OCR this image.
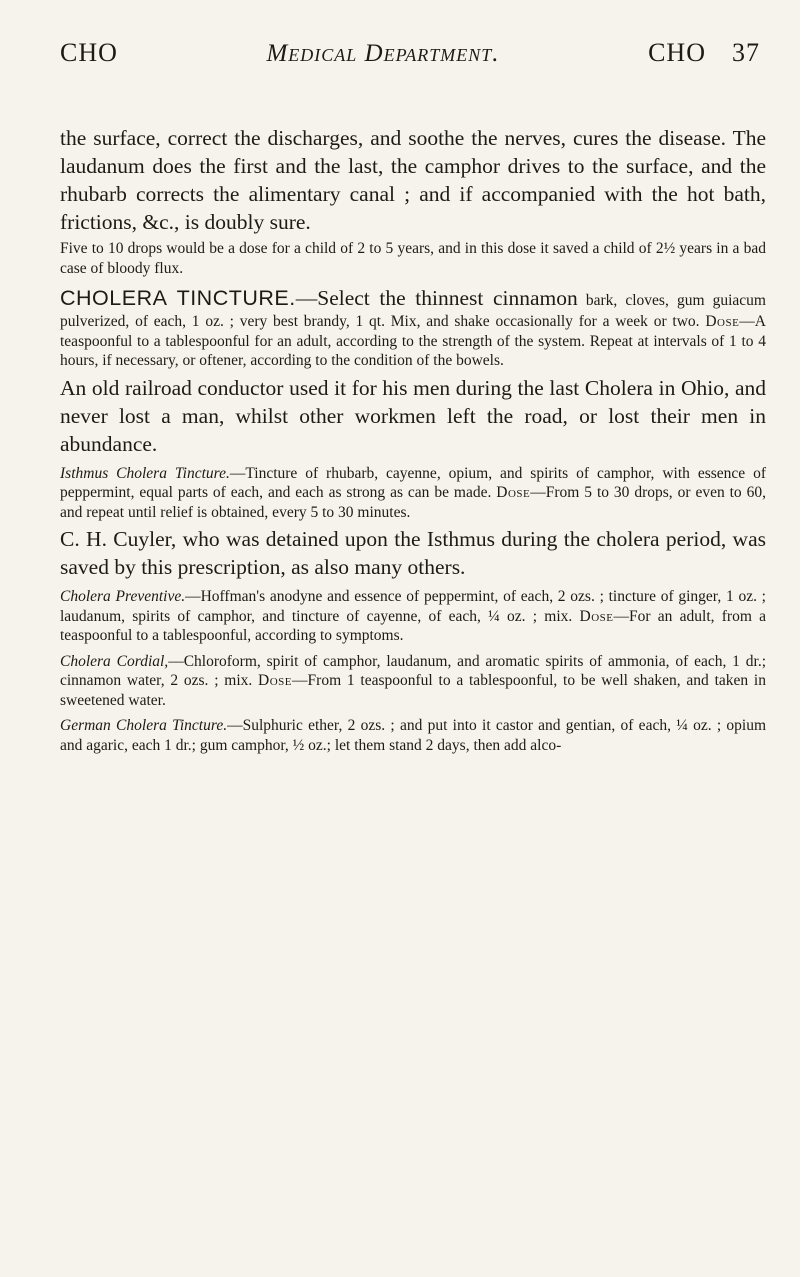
CHO	Medical Department.	CHO 37

the surface, correct the discharges, and soothe the nerves, cures the disease. The laudanum does the first and the last, the camphor drives to the surface, and the rhubarb corrects the alimentary canal ; and if accompanied with the hot bath, frictions, &c., is doubly sure.

Five to 10 drops would be a dose for a child of 2 to 5 years, and in this dose it saved a child of 2½ years in a bad case of bloody flux.

CHOLERA TINCTURE.—Select the thinnest cinnamon bark, cloves, gum guiacum pulverized, of each, 1 oz. ; very best brandy, 1 qt. Mix, and shake occasionally for a week or two. Dose—A teaspoonful to a tablespoonful for an adult, according to the strength of the system. Repeat at intervals of 1 to 4 hours, if necessary, or oftener, according to the condition of the bowels.

An old railroad conductor used it for his men during the last Cholera in Ohio, and never lost a man, whilst other workmen left the road, or lost their men in abundance.

Isthmus Cholera Tincture.—Tincture of rhubarb, cayenne, opium, and spirits of camphor, with essence of peppermint, equal parts of each, and each as strong as can be made. Dose—From 5 to 30 drops, or even to 60, and repeat until relief is obtained, every 5 to 30 minutes.

C. H. Cuyler, who was detained upon the Isthmus during the cholera period, was saved by this prescription, as also many others.

Cholera Preventive.—Hoffman's anodyne and essence of peppermint, of each, 2 ozs. ; tincture of ginger, 1 oz. ; laudanum, spirits of camphor, and tincture of cayenne, of each, ¼ oz. ; mix. Dose—For an adult, from a teaspoonful to a tablespoonful, according to symptoms.

Cholera Cordial,—Chloroform, spirit of camphor, laudanum, and aromatic spirits of ammonia, of each, 1 dr.; cinnamon water, 2 ozs. ; mix. Dose—From 1 teaspoonful to a tablespoonful, to be well shaken, and taken in sweetened water.

German Cholera Tincture.—Sulphuric ether, 2 ozs. ; and put into it castor and gentian, of each, ¼ oz. ; opium and agaric, each 1 dr.; gum camphor, ½ oz.; let them stand 2 days, then add alco-
